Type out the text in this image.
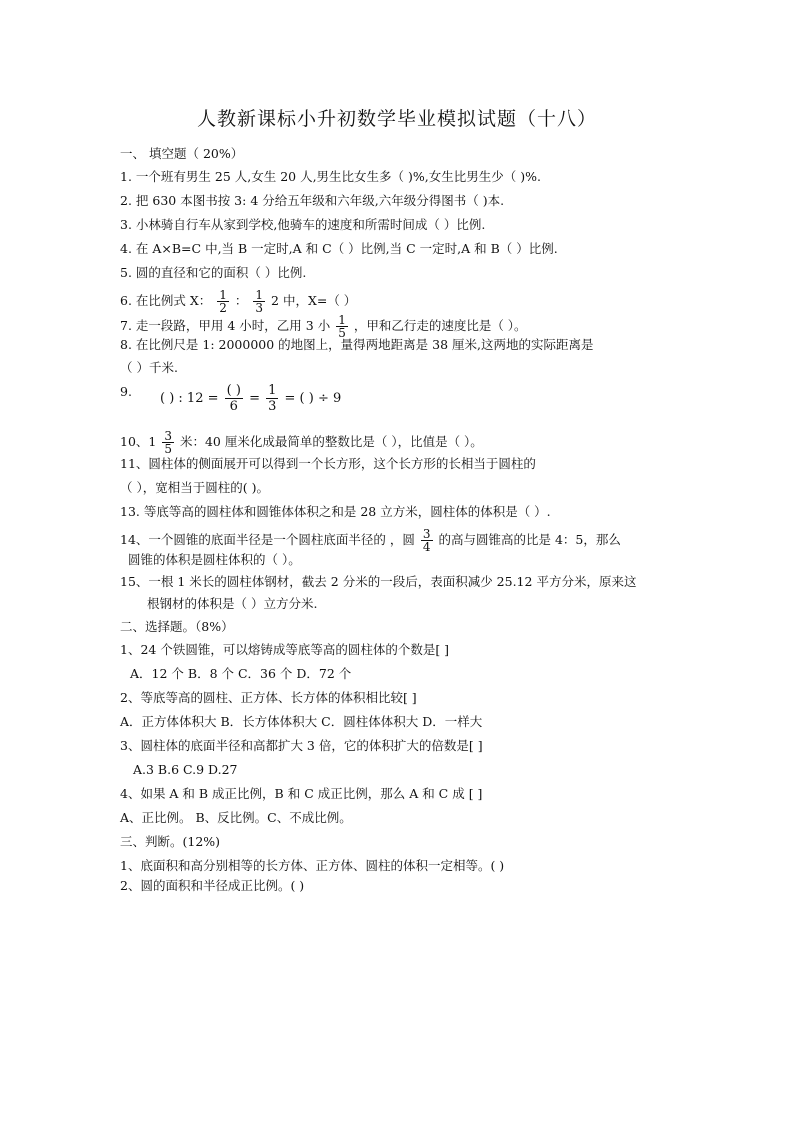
人教新课标小升初数学毕业模拟试题（十八）
一、 填空题（ 20%）
1. 一个班有男生 25 人,女生 20 人,男生比女生多（ )%,女生比男生少（ )%.
2. 把 630 本图书按 3: 4 分给五年级和六年级,六年级分得图书（ )本.
3. 小林骑自行车从家到学校,他骑车的速度和所需时间成（ ）比例.
4. 在 A×B=C 中,当 B 一定时,A 和 C（ ）比例,当 C 一定时,A 和 B（ ）比例.
5. 圆的直径和它的面积（ ）比例.
6. 在比例式 X： $\frac{1}{2}$ ： $\frac{1}{3} 2$ 中，X=（ ）
7. 走一段路，甲用 4 小时，乙用 3 小 $\frac{1}{5}$ ，甲和乙行走的速度比是（ ）。
8. 在比例尺是 1: 2000000 的地图上，量得两地距离是 38 厘米,这两地的实际距离是
（ ）千米.
9. ( ) : $12 = \frac{( )}{6} = \frac{1}{3}$ = ( ) ÷ 9
10、$1 \frac{3}{5}$ 米：40 厘米化成最简单的整数比是（ ），比值是（ ）。
11、圆柱体的侧面展开可以得到一个长方形，这个长方形的长相当于圆柱的
（ ），宽相当于圆柱的( )。
13. 等底等高的圆柱体和圆锥体体积之和是 28 立方米，圆柱体的体积是（ ）.
14、一个圆锥的底面半径是一个圆柱底面半径的 ，圆 $\frac{3}{4}$ 的高与圆锥高的比是 4：5，那么
圆锥的体积是圆柱体积的（ ）。
15、一根 1 米长的圆柱体钢材，截去 2 分米的一段后，表面积减少 25.12 平方分米，原来这
根钢材的体积是（ ）立方分米.
二、选择题。（8%）
1、24 个铁圆锥，可以熔铸成等底等高的圆柱体的个数是[ ]
A．12 个 B．8 个 C．36 个 D．72 个
2、等底等高的圆柱、正方体、长方体的体积相比较[ ]
A．正方体体积大 B．长方体体积大 C．圆柱体体积大 D．一样大
3、圆柱体的底面半径和高都扩大 3 倍，它的体积扩大的倍数是[ ]
A.3 B.6 C.9 D.27
4、如果 A 和 B 成正比例，B 和 C 成正比例，那么 A 和 C 成 [ ]
A、正比例。 B、反比例。C、不成比例。
三、判断。(12%)
1、底面积和高分别相等的长方体、正方体、圆柱的体积一定相等。( )
2、圆的面积和半径成正比例。( )
